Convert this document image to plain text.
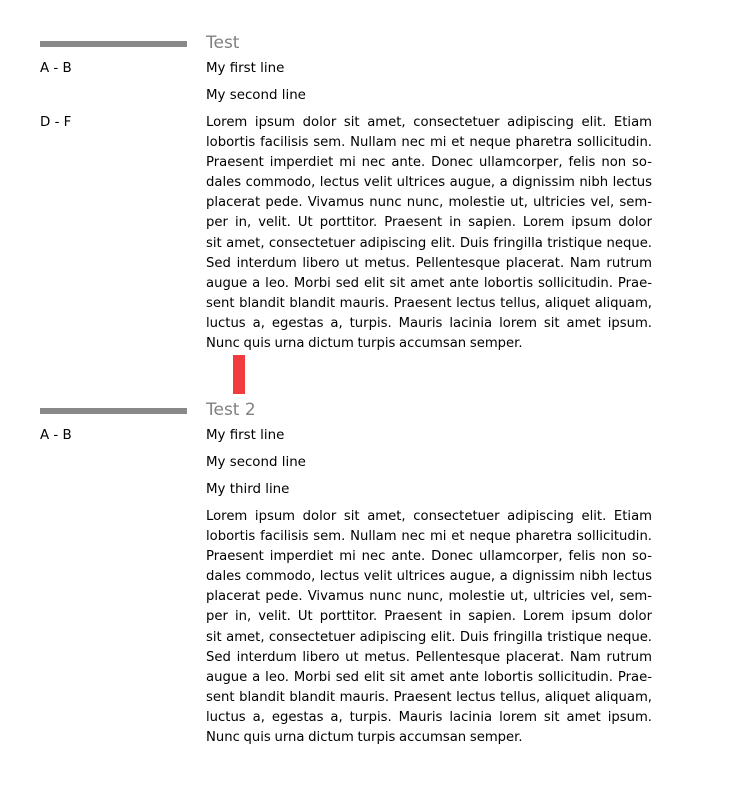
Test
A - B	My first line
My second line
D - F	Lorem ipsum dolor sit amet, consectetuer adipiscing elit. Etiam
lobortis facilisis sem. Nullam nec mi et neque pharetra sollicitudin.
Praesent imperdiet mi nec ante. Donec ullamcorper, felis non so-
dales commodo, lectus velit ultrices augue, a dignissim nibh lectus
placerat pede. Vivamus nunc nunc, molestie ut, ultricies vel, sem-
per in, velit. Ut porttitor. Praesent in sapien. Lorem ipsum dolor
sit amet, consectetuer adipiscing elit. Duis fringilla tristique neque.
Sed interdum libero ut metus. Pellentesque placerat. Nam rutrum
augue a leo. Morbi sed elit sit amet ante lobortis sollicitudin. Prae-
sent blandit blandit mauris. Praesent lectus tellus, aliquet aliquam,
luctus a, egestas a, turpis. Mauris lacinia lorem sit amet ipsum.
Nunc quis urna dictum turpis accumsan semper.
Test 2
A - B	My first line
My second line
My third line
Lorem ipsum dolor sit amet, consectetuer adipiscing elit. Etiam
lobortis facilisis sem. Nullam nec mi et neque pharetra sollicitudin.
Praesent imperdiet mi nec ante. Donec ullamcorper, felis non so-
dales commodo, lectus velit ultrices augue, a dignissim nibh lectus
placerat pede. Vivamus nunc nunc, molestie ut, ultricies vel, sem-
per in, velit. Ut porttitor. Praesent in sapien. Lorem ipsum dolor
sit amet, consectetuer adipiscing elit. Duis fringilla tristique neque.
Sed interdum libero ut metus. Pellentesque placerat. Nam rutrum
augue a leo. Morbi sed elit sit amet ante lobortis sollicitudin. Prae-
sent blandit blandit mauris. Praesent lectus tellus, aliquet aliquam,
luctus a, egestas a, turpis. Mauris lacinia lorem sit amet ipsum.
Nunc quis urna dictum turpis accumsan semper.
